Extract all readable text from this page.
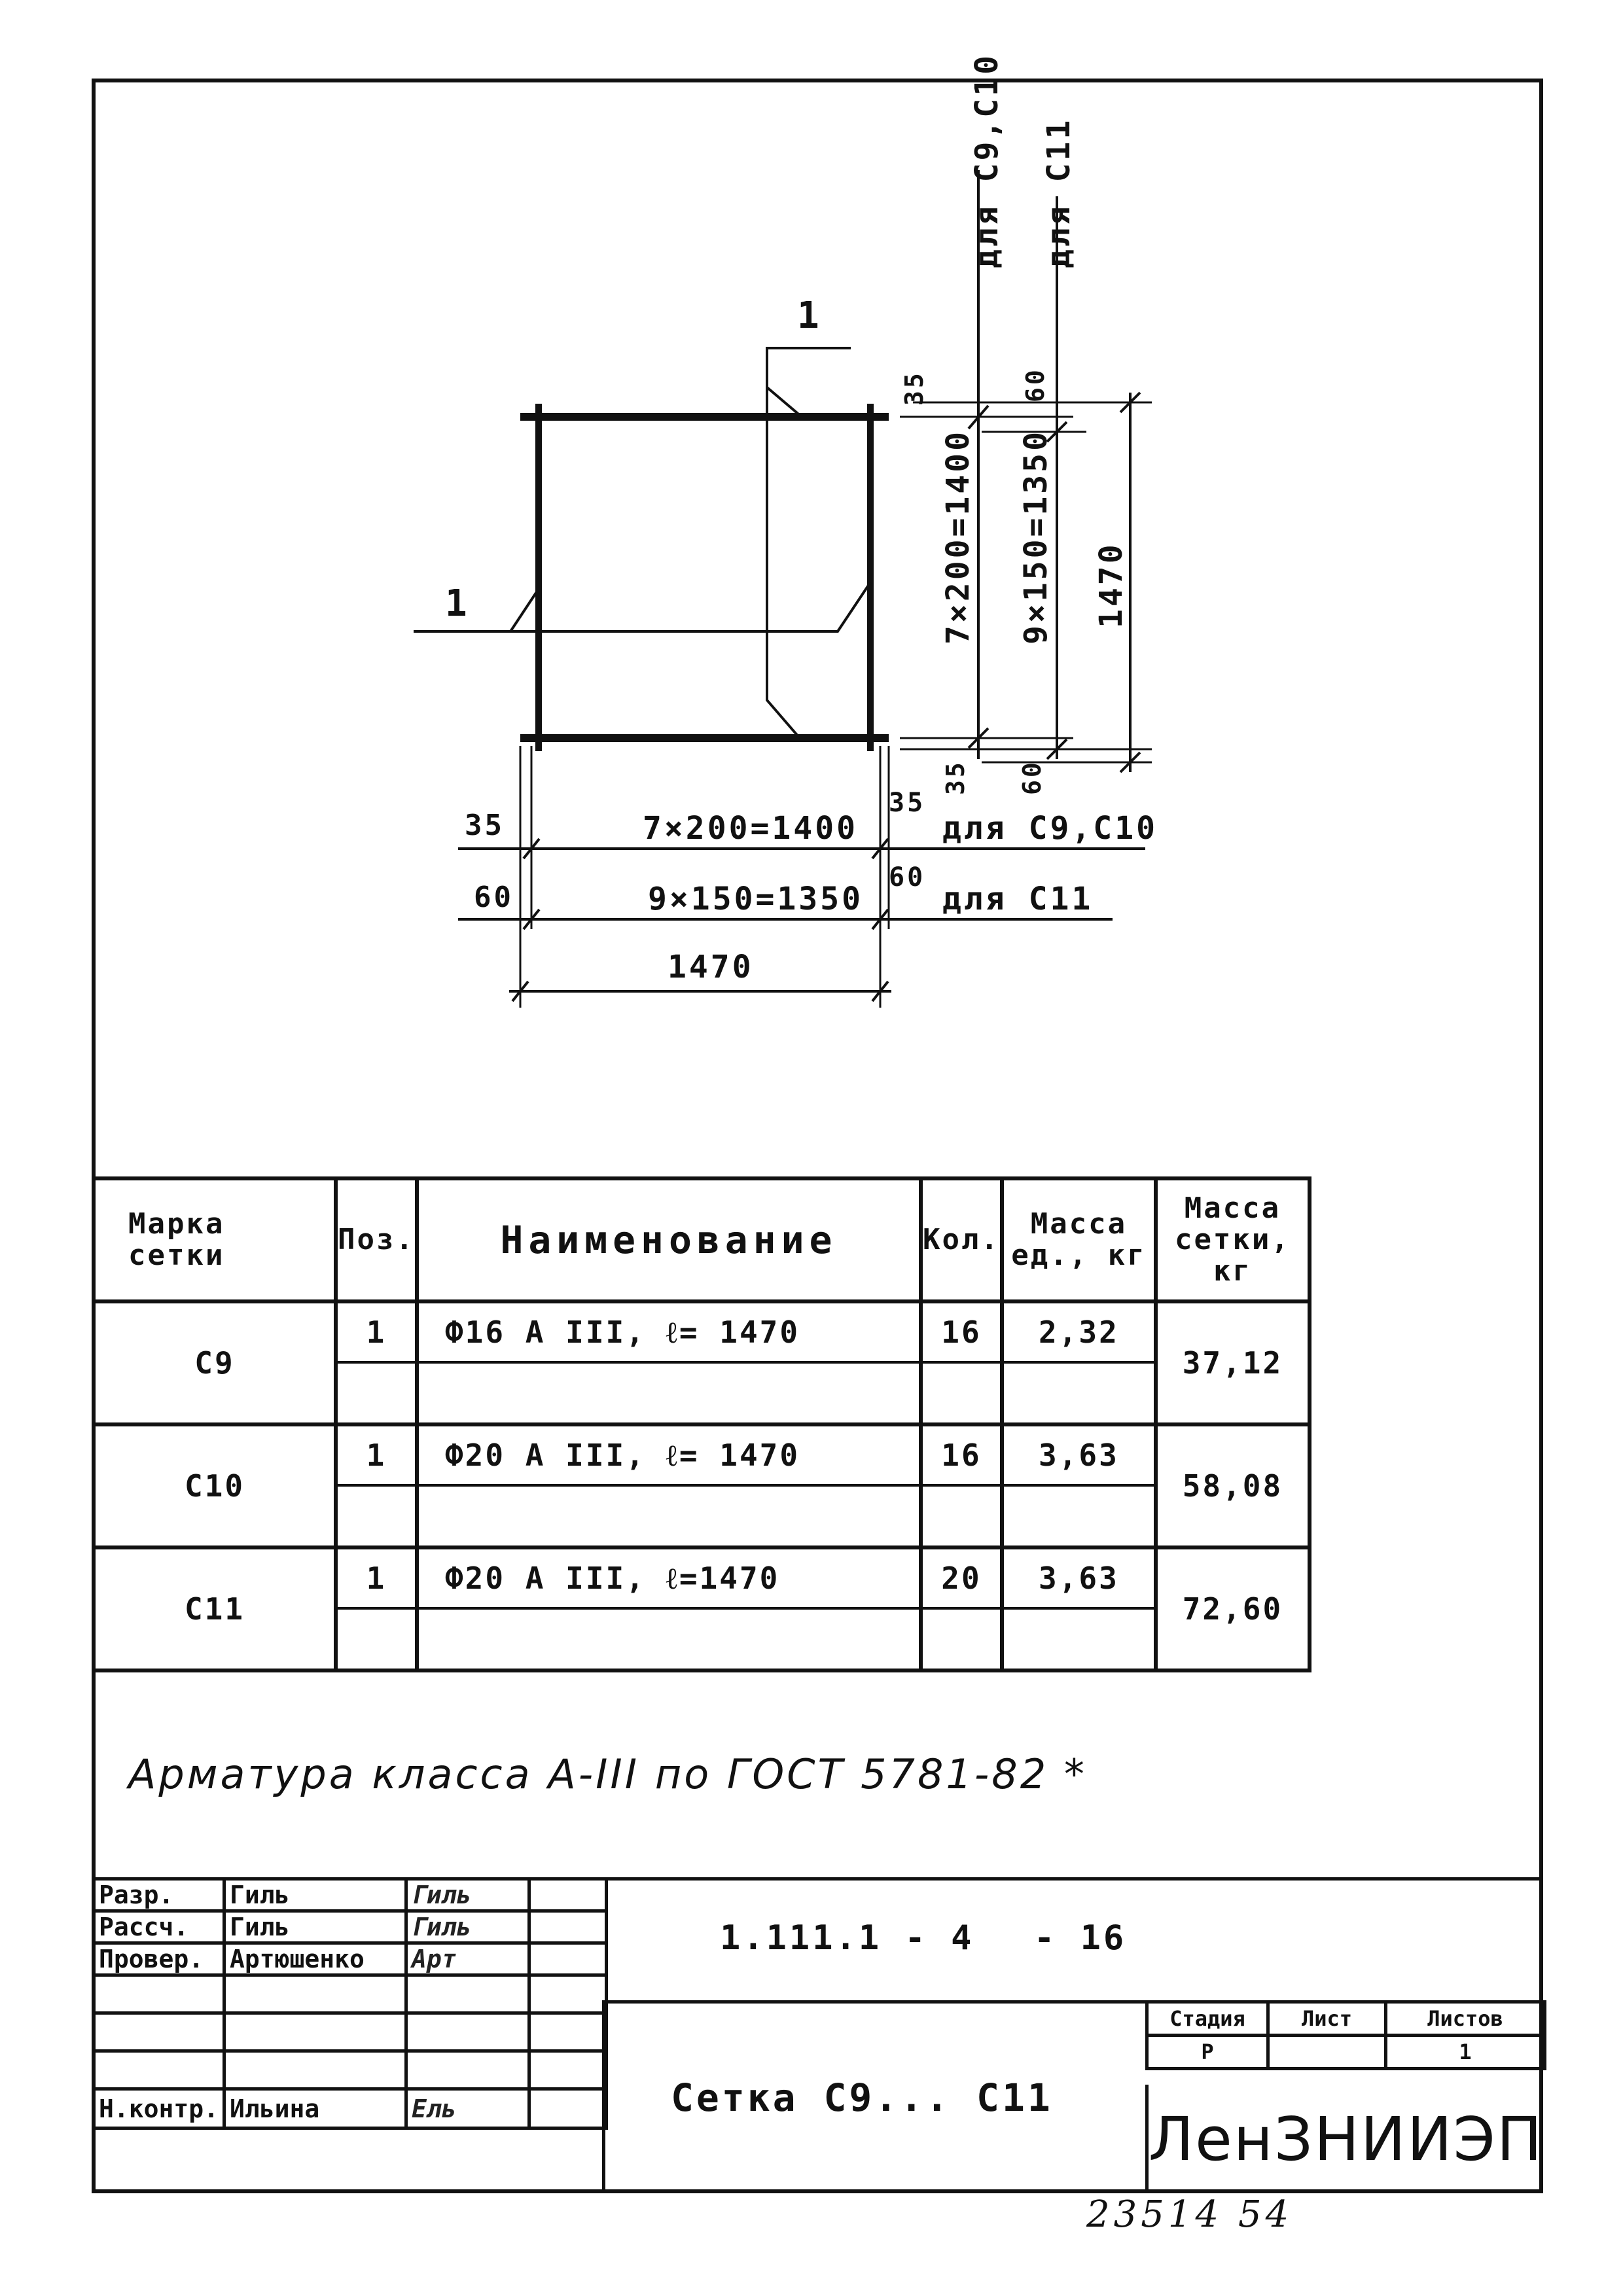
1
1
для С9,С10 для С11
35	60
7×200=1400 9×150=1350 1470
35 60
35	7×200=1400
35
для С9,С10
60	9×150=1350
60
для С11
1470
Марка сетки	Поз.	Наименование	Кол.	Масса ед., кг	Масса сетки, кг
С9	1	Ф16 А III, ℓ= 1470	16	2,32	37,12
С10	1	Ф20 А III, ℓ= 1470	16	3,63	58,08
С11	1	Ф20 А III, ℓ=1470	20	3,63	72,60
Арматура класса А-III по ГОСТ 5781-82 *
Разр.	Гиль	Гиль	
Рассч.	Гиль	Гиль	
Провер.	Артюшенко	Арт	

Н.контр.	Ильина	Ель	
1.111.1 - 4 - 16
Сетка С9... С11
Стадия	Лист	Листов
Р		1
ЛенЗНИИЭП
23514 54
